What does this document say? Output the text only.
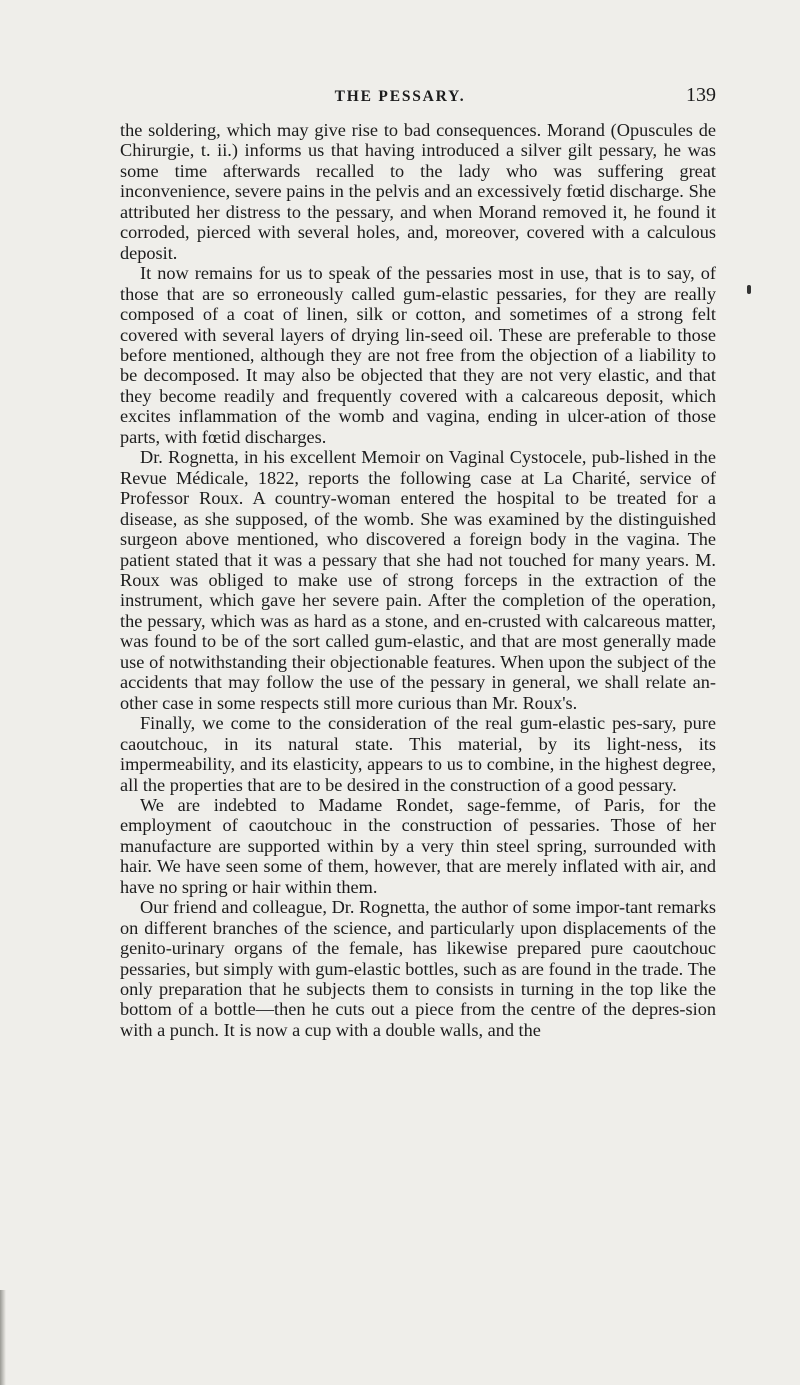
THE PESSARY.	139

the soldering, which may give rise to bad consequences. Morand (Opuscules de Chirurgie, t. ii.) informs us that having introduced a silver gilt pessary, he was some time afterwards recalled to the lady who was suffering great inconvenience, severe pains in the pelvis and an excessively fœtid discharge. She attributed her distress to the pessary, and when Morand removed it, he found it corroded, pierced with several holes, and, moreover, covered with a calculous deposit.

It now remains for us to speak of the pessaries most in use, that is to say, of those that are so erroneously called gum-elastic pessaries, for they are really composed of a coat of linen, silk or cotton, and sometimes of a strong felt covered with several layers of drying lin-seed oil. These are preferable to those before mentioned, although they are not free from the objection of a liability to be decomposed. It may also be objected that they are not very elastic, and that they become readily and frequently covered with a calcareous deposit, which excites inflammation of the womb and vagina, ending in ulcer-ation of those parts, with fœtid discharges.

Dr. Rognetta, in his excellent Memoir on Vaginal Cystocele, pub-lished in the Revue Médicale, 1822, reports the following case at La Charité, service of Professor Roux. A country-woman entered the hospital to be treated for a disease, as she supposed, of the womb. She was examined by the distinguished surgeon above mentioned, who discovered a foreign body in the vagina. The patient stated that it was a pessary that she had not touched for many years. M. Roux was obliged to make use of strong forceps in the extraction of the instrument, which gave her severe pain. After the completion of the operation, the pessary, which was as hard as a stone, and en-crusted with calcareous matter, was found to be of the sort called gum-elastic, and that are most generally made use of notwithstanding their objectionable features. When upon the subject of the accidents that may follow the use of the pessary in general, we shall relate an-other case in some respects still more curious than Mr. Roux's.

Finally, we come to the consideration of the real gum-elastic pes-sary, pure caoutchouc, in its natural state. This material, by its light-ness, its impermeability, and its elasticity, appears to us to combine, in the highest degree, all the properties that are to be desired in the construction of a good pessary.

We are indebted to Madame Rondet, sage-femme, of Paris, for the employment of caoutchouc in the construction of pessaries. Those of her manufacture are supported within by a very thin steel spring, surrounded with hair. We have seen some of them, however, that are merely inflated with air, and have no spring or hair within them.

Our friend and colleague, Dr. Rognetta, the author of some impor-tant remarks on different branches of the science, and particularly upon displacements of the genito-urinary organs of the female, has likewise prepared pure caoutchouc pessaries, but simply with gum-elastic bottles, such as are found in the trade. The only preparation that he subjects them to consists in turning in the top like the bottom of a bottle—then he cuts out a piece from the centre of the depres-sion with a punch. It is now a cup with a double walls, and the
